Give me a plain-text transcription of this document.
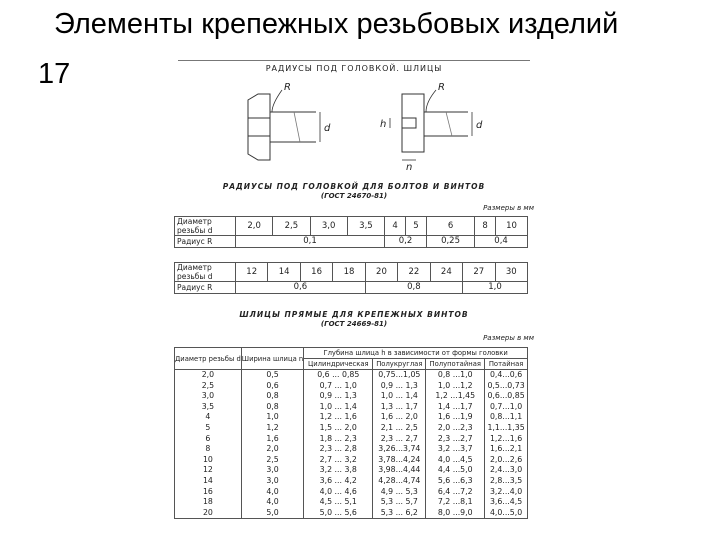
Элементы крепежных резьбовых изделий
17	РАДИУСЫ ПОД ГОЛОВКОЙ. ШЛИЦЫ
R
d
R
d
h
n
РАДИУСЫ ПОД ГОЛОВКОЙ ДЛЯ БОЛТОВ И ВИНТОВ
(ГОСТ 24670-81)
Размеры в мм
Диаметр резьбы d	2,0	2,5	3,0	3,5	4	5	6	8	10
Радиус R	0,1				0,2		0,25	0,4	
Диаметр резьбы d	12	14	16	18	20	22	24	27	30
Радиус R	0,6				0,8			1,0	
ШЛИЦЫ ПРЯМЫЕ ДЛЯ КРЕПЕЖНЫХ ВИНТОВ
(ГОСТ 24669-81)
Размеры в мм
Диаметр резьбы d	Ширина шлица n	Глубина шлица h в зависимости от формы головки			
		Цилиндрическая	Полукруглая	Полупотайная	Потайная
2,0	0,5	0,6 ... 0,85	0,75...1,05	0,8 ...1,0	0,4...0,6
2,5	0,6	0,7 ... 1,0	0,9 ... 1,3	1,0 ...1,2	0,5...0,73
3,0	0,8	0,9 ... 1,3	1,0 ... 1,4	1,2 ...1,45	0,6...0,85
3,5	0,8	1,0 ... 1,4	1,3 ... 1,7	1,4 ...1,7	0,7...1,0
4	1,0	1,2 ... 1,6	1,6 ... 2,0	1,6 ...1,9	0,8...1,1
5	1,2	1,5 ... 2,0	2,1 ... 2,5	2,0 ...2,3	1,1...1,35
6	1,6	1,8 ... 2,3	2,3 ... 2,7	2,3 ...2,7	1,2...1,6
8	2,0	2,3 ... 2,8	3,26...3,74	3,2 ...3,7	1,6...2,1
10	2,5	2,7 ... 3,2	3,78...4,24	4,0 ...4,5	2,0...2,6
12	3,0	3,2 ... 3,8	3,98...4,44	4,4 ...5,0	2,4...3,0
14	3,0	3,6 ... 4,2	4,28...4,74	5,6 ...6,3	2,8...3,5
16	4,0	4,0 ... 4,6	4,9 ... 5,3	6,4 ...7,2	3,2...4,0
18	4,0	4,5 ... 5,1	5,3 ... 5,7	7,2 ...8,1	3,6...4,5
20	5,0	5,0 ... 5,6	5,3 ... 6,2	8,0 ...9,0	4,0...5,0
